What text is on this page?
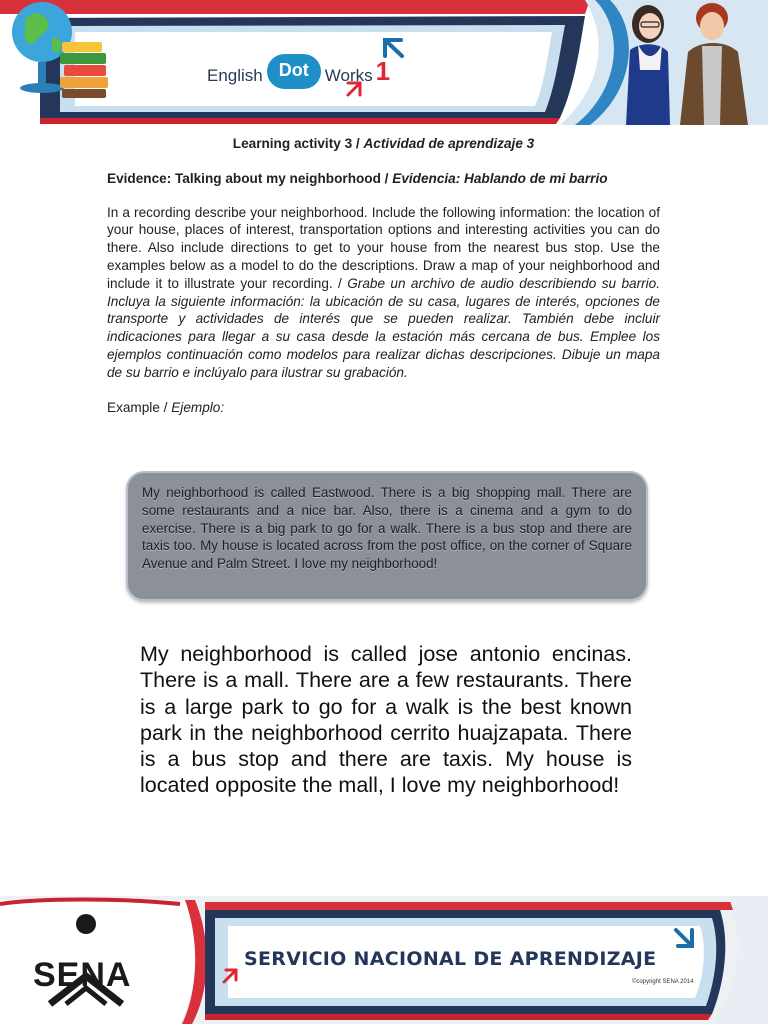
English Dot Works 1
Learning activity 3 / Actividad de aprendizaje 3
Evidence: Talking about my neighborhood / Evidencia: Hablando de mi barrio
In a recording describe your neighborhood. Include the following information: the location of your house, places of interest, transportation options and interesting activities you can do there. Also include directions to get to your house from the nearest bus stop. Use the examples below as a model to do the descriptions. Draw a map of your neighborhood and include it to illustrate your recording. / Grabe un archivo de audio describiendo su barrio. Incluya la siguiente información: la ubicación de su casa, lugares de interés, opciones de transporte y actividades de interés que se pueden realizar. También debe incluir indicaciones para llegar a su casa desde la estación más cercana de bus. Emplee los ejemplos continuación como modelos para realizar dichas descripciones. Dibuje un mapa de su barrio e inclúyalo para ilustrar su grabación.
Example / Ejemplo:

My neighborhood is called Eastwood. There is a big shopping mall. There are some restaurants and a nice bar. Also, there is a cinema and a gym to do exercise. There is a big park to go for a walk. There is a bus stop and there are taxis too. My house is located across from the post office, on the corner of Square Avenue and Palm Street. I love my neighborhood!

My neighborhood is called jose antonio encinas. There is a mall. There are a few restaurants. There is a large park to go for a walk is the best known park in the neighborhood cerrito huajzapata. There is a bus stop and there are taxis. My house is located opposite the mall, I love my neighborhood!

SENA	SERVICIO NACIONAL DE APRENDIZAJE
©copyright SENA 2014
